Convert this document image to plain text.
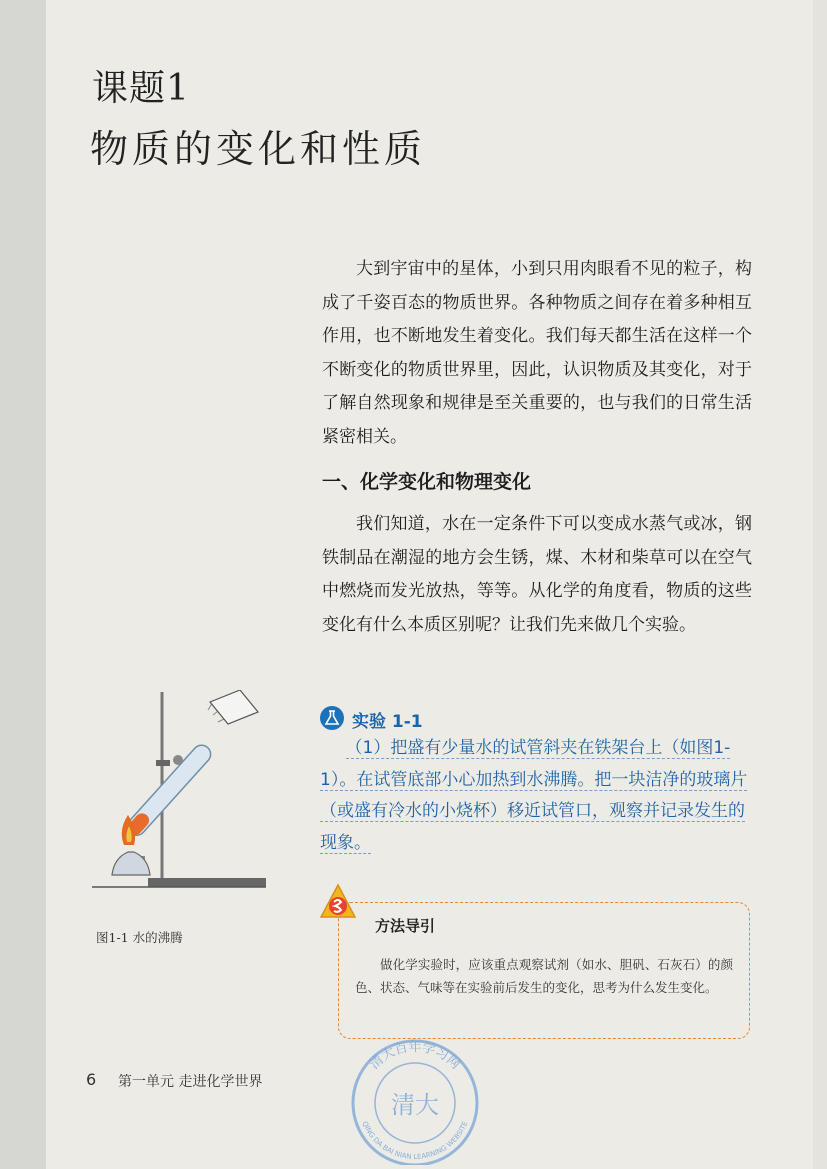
课题1
物质的变化和性质

大到宇宙中的星体，小到只用肉眼看不见的粒子，构成了千姿百态的物质世界。各种物质之间存在着多种相互作用，也不断地发生着变化。我们每天都生活在这样一个不断变化的物质世界里，因此，认识物质及其变化，对于了解自然现象和规律是至关重要的，也与我们的日常生活紧密相关。

一、化学变化和物理变化

我们知道，水在一定条件下可以变成水蒸气或冰，钢铁制品在潮湿的地方会生锈，煤、木材和柴草可以在空气中燃烧而发光放热，等等。从化学的角度看，物质的这些变化有什么本质区别呢？让我们先来做几个实验。

图1-1 水的沸腾
实验 1-1

（1）把盛有少量水的试管斜夹在铁架台上（如图1-1）。在试管底部小心加热到水沸腾。把一块洁净的玻璃片（或盛有冷水的小烧杯）移近试管口，观察并记录发生的现象。

方法导引

做化学实验时，应该重点观察试剂（如水、胆矾、石灰石）的颜色、状态、气味等在实验前后发生的变化，思考为什么发生变化。

6 第一单元 走进化学世界
清大百年学习网
QING DA BAI NIAN LEARNING WEBSITE
清大
